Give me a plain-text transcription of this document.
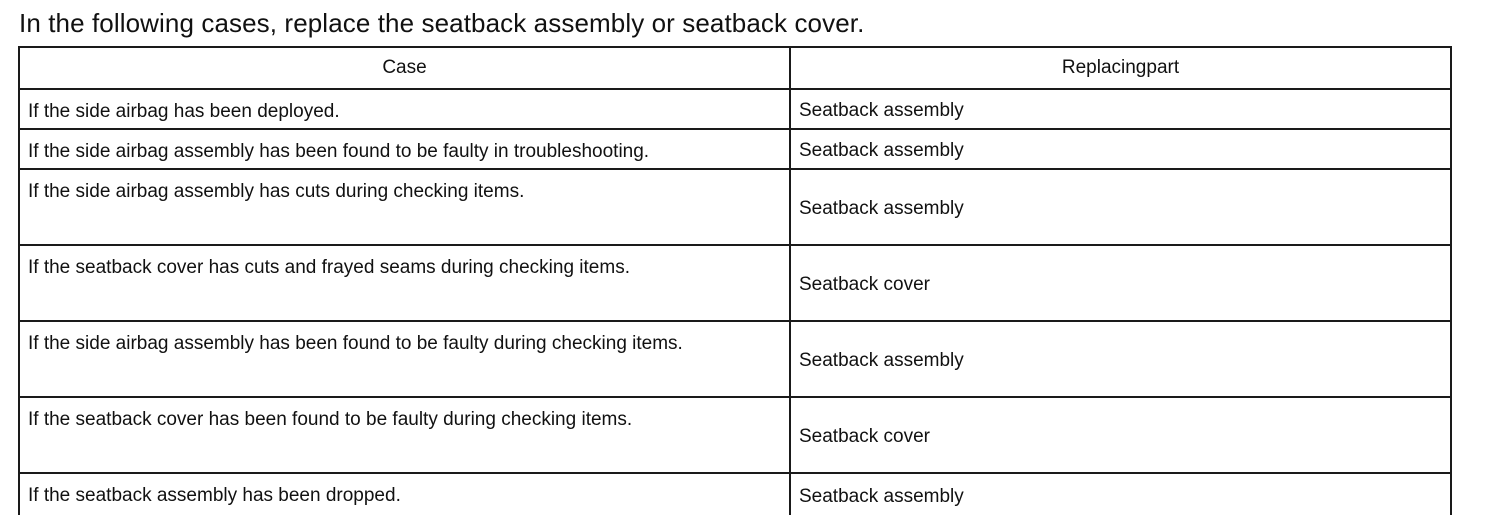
In the following cases, replace the seatback assembly or seatback cover.
Case	Replacingpart
If the side airbag has been deployed.	Seatback assembly
If the side airbag assembly has been found to be faulty in troubleshooting.	Seatback assembly
If the side airbag assembly has cuts during checking items.	Seatback assembly
If the seatback cover has cuts and frayed seams during checking items.	Seatback cover
If the side airbag assembly has been found to be faulty during checking items.	Seatback assembly
If the seatback cover has been found to be faulty during checking items.	Seatback cover
If the seatback assembly has been dropped.	Seatback assembly
